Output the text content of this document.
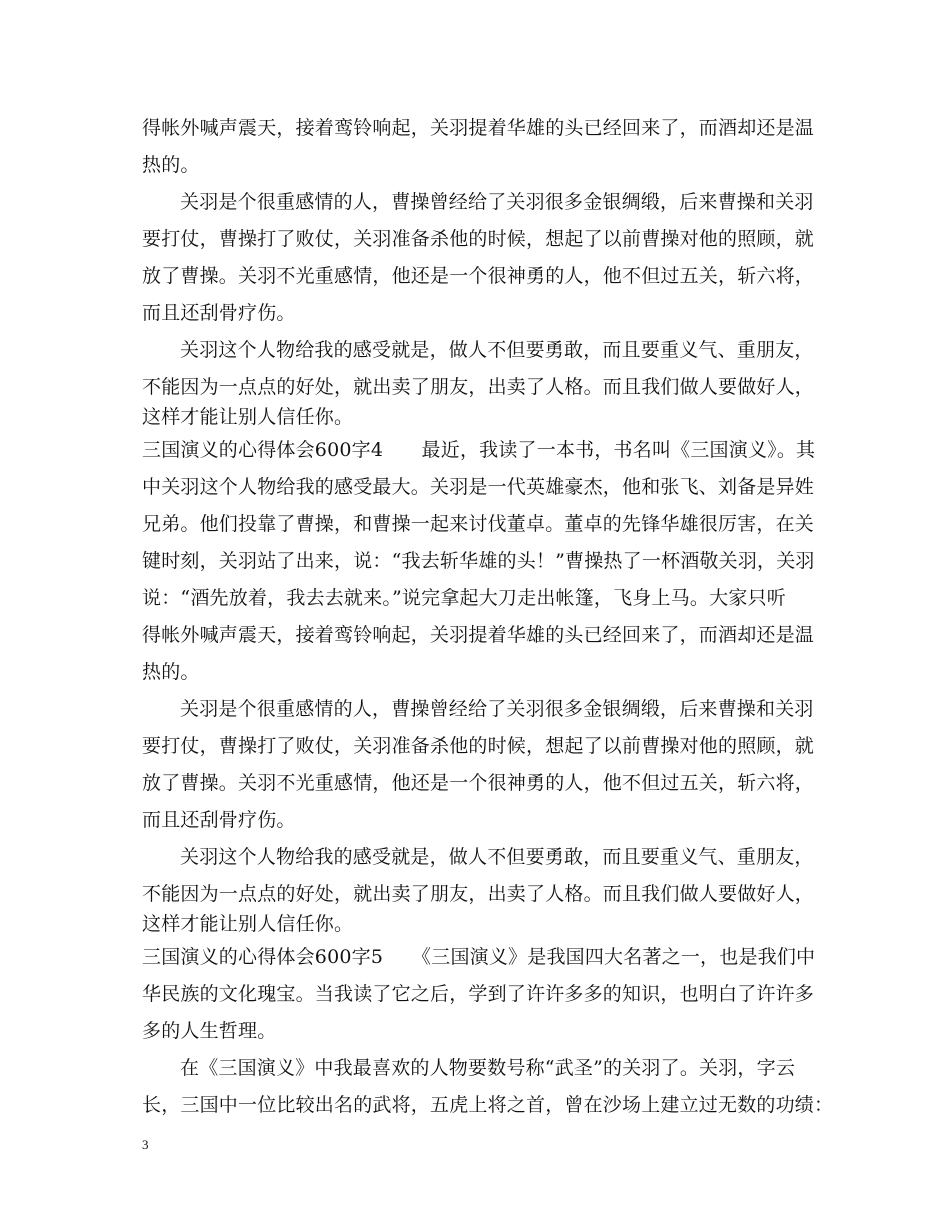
得帐外喊声震天，接着鸾铃响起，关羽提着华雄的头已经回来了，而酒却还是温
热的。
关羽是个很重感情的人，曹操曾经给了关羽很多金银绸缎，后来曹操和关羽
要打仗，曹操打了败仗，关羽准备杀他的时候，想起了以前曹操对他的照顾，就
放了曹操。关羽不光重感情，他还是一个很神勇的人，他不但过五关，斩六将，
而且还刮骨疗伤。
关羽这个人物给我的感受就是，做人不但要勇敢，而且要重义气、重朋友，
不能因为一点点的好处，就出卖了朋友，出卖了人格。而且我们做人要做好人，
这样才能让别人信任你。
三国演义的心得体会600字4　　最近，我读了一本书，书名叫《三国演义》。其
中关羽这个人物给我的感受最大。关羽是一代英雄豪杰，他和张飞、刘备是异姓
兄弟。他们投靠了曹操，和曹操一起来讨伐董卓。董卓的先锋华雄很厉害，在关
键时刻，关羽站了出来，说：“我去斩华雄的头！”曹操热了一杯酒敬关羽，关羽
说：“酒先放着，我去去就来。”说完拿起大刀走出帐篷，飞身上马。大家只听
得帐外喊声震天，接着鸾铃响起，关羽提着华雄的头已经回来了，而酒却还是温
热的。
关羽是个很重感情的人，曹操曾经给了关羽很多金银绸缎，后来曹操和关羽
要打仗，曹操打了败仗，关羽准备杀他的时候，想起了以前曹操对他的照顾，就
放了曹操。关羽不光重感情，他还是一个很神勇的人，他不但过五关，斩六将，
而且还刮骨疗伤。
关羽这个人物给我的感受就是，做人不但要勇敢，而且要重义气、重朋友，
不能因为一点点的好处，就出卖了朋友，出卖了人格。而且我们做人要做好人，
这样才能让别人信任你。
三国演义的心得体会600字5　　《三国演义》是我国四大名著之一，也是我们中
华民族的文化瑰宝。当我读了它之后，学到了许许多多的知识，也明白了许许多
多的人生哲理。
在《三国演义》中我最喜欢的人物要数号称“武圣”的关羽了。关羽，字云
长，三国中一位比较出名的武将，五虎上将之首，曾在沙场上建立过无数的功绩：
3
